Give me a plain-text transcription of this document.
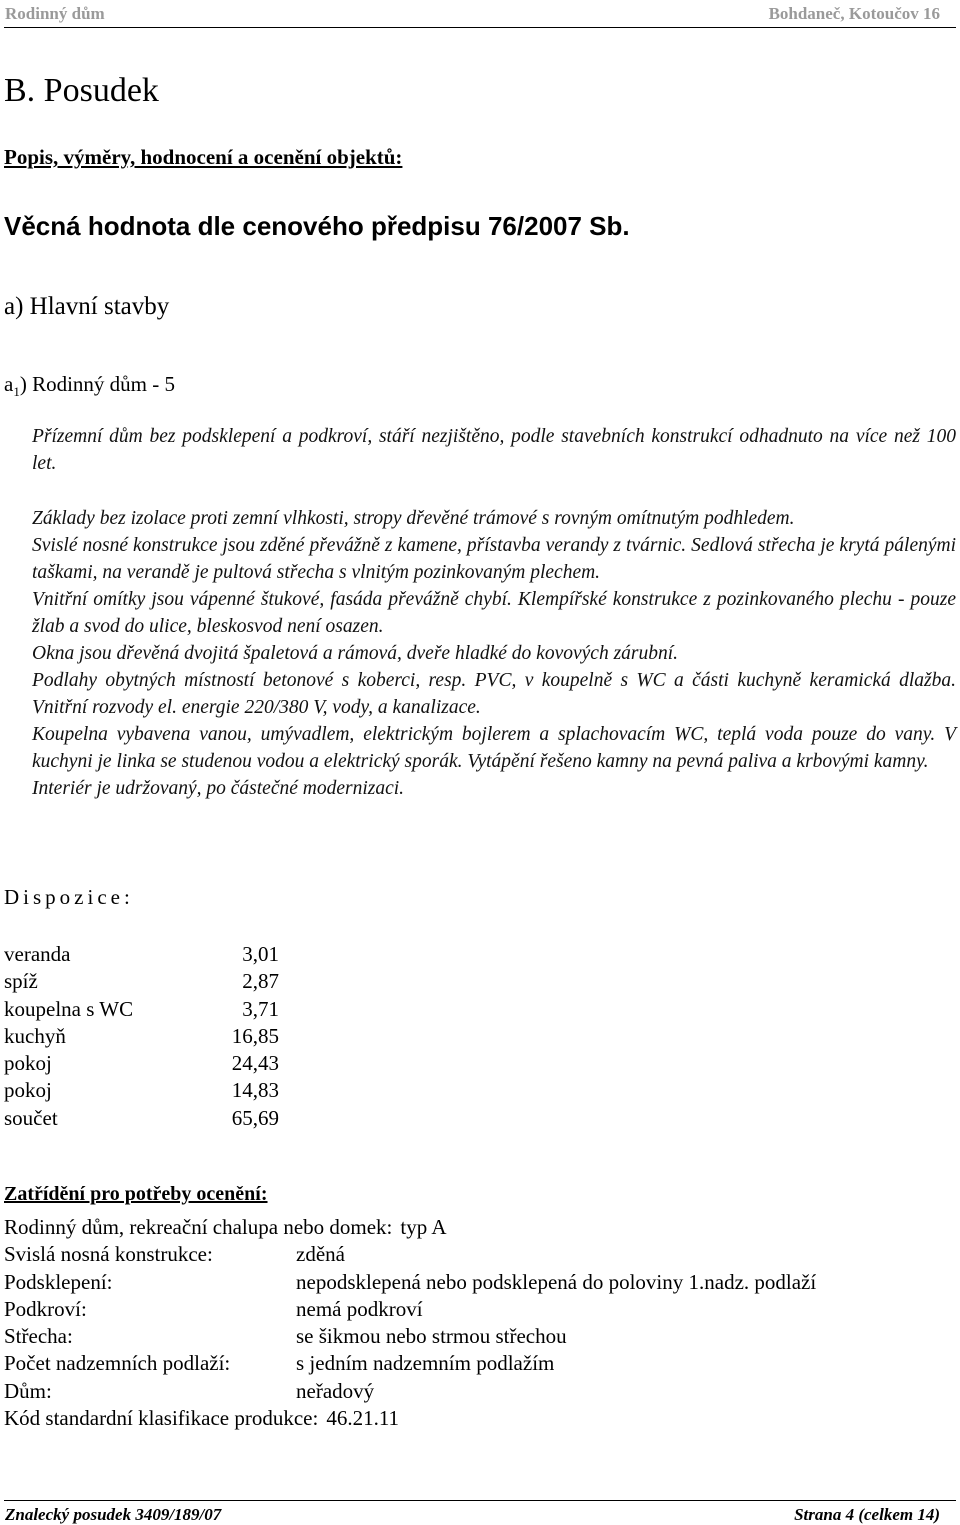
Rodinný dům	Bohdaneč, Kotoučov 16
B. Posudek
Popis, výměry, hodnocení a ocenění objektů:
Věcná hodnota dle cenového předpisu 76/2007 Sb.
a) Hlavní stavby
$a_1$) Rodinný dům - 5
Přízemní dům bez podsklepení a podkroví, stáří nezjištěno, podle stavebních konstrukcí odhadnuto na více než 100 let.
Základy bez izolace proti zemní vlhkosti, stropy dřevěné trámové s rovným omítnutým podhledem.
Svislé nosné konstrukce jsou zděné převážně z kamene, přístavba verandy z tvárnic. Sedlová střecha je krytá pálenými taškami, na verandě je pultová střecha s vlnitým pozinkovaným plechem.
Vnitřní omítky jsou vápenné štukové, fasáda převážně chybí. Klempířské konstrukce z pozinkovaného plechu - pouze žlab a svod do ulice, bleskosvod není osazen.
Okna jsou dřevěná dvojitá špaletová a rámová, dveře hladké do kovových zárubní.
Podlahy obytných místností betonové s koberci, resp. PVC, v koupelně s WC a části kuchyně keramická dlažba. Vnitřní rozvody el. energie 220/380 V, vody, a kanalizace.
Koupelna vybavena vanou, umývadlem, elektrickým bojlerem a splachovacím WC, teplá voda pouze do vany. V kuchyni je linka se studenou vodou a elektrický sporák. Vytápění řešeno kamny na pevná paliva a krbovými kamny.
Interiér je udržovaný, po částečné modernizaci.
Dispozice:
veranda	3,01
spíž	2,87
koupelna s WC	3,71
kuchyň	16,85
pokoj	24,43
pokoj	14,83
součet	65,69
Zatřídění pro potřeby ocenění:
Rodinný dům, rekreační chalupa nebo domek: typ A
Svislá nosná konstrukce:	zděná
Podsklepení:	nepodsklepená nebo podsklepená do poloviny 1.nadz. podlaží
Podkroví:	nemá podkroví
Střecha:	se šikmou nebo strmou střechou
Počet nadzemních podlaží:	s jedním nadzemním podlažím
Dům:	neřadový
Kód standardní klasifikace produkce: 46.21.11
Znalecký posudek 3409/189/07	Strana 4 (celkem 14)
